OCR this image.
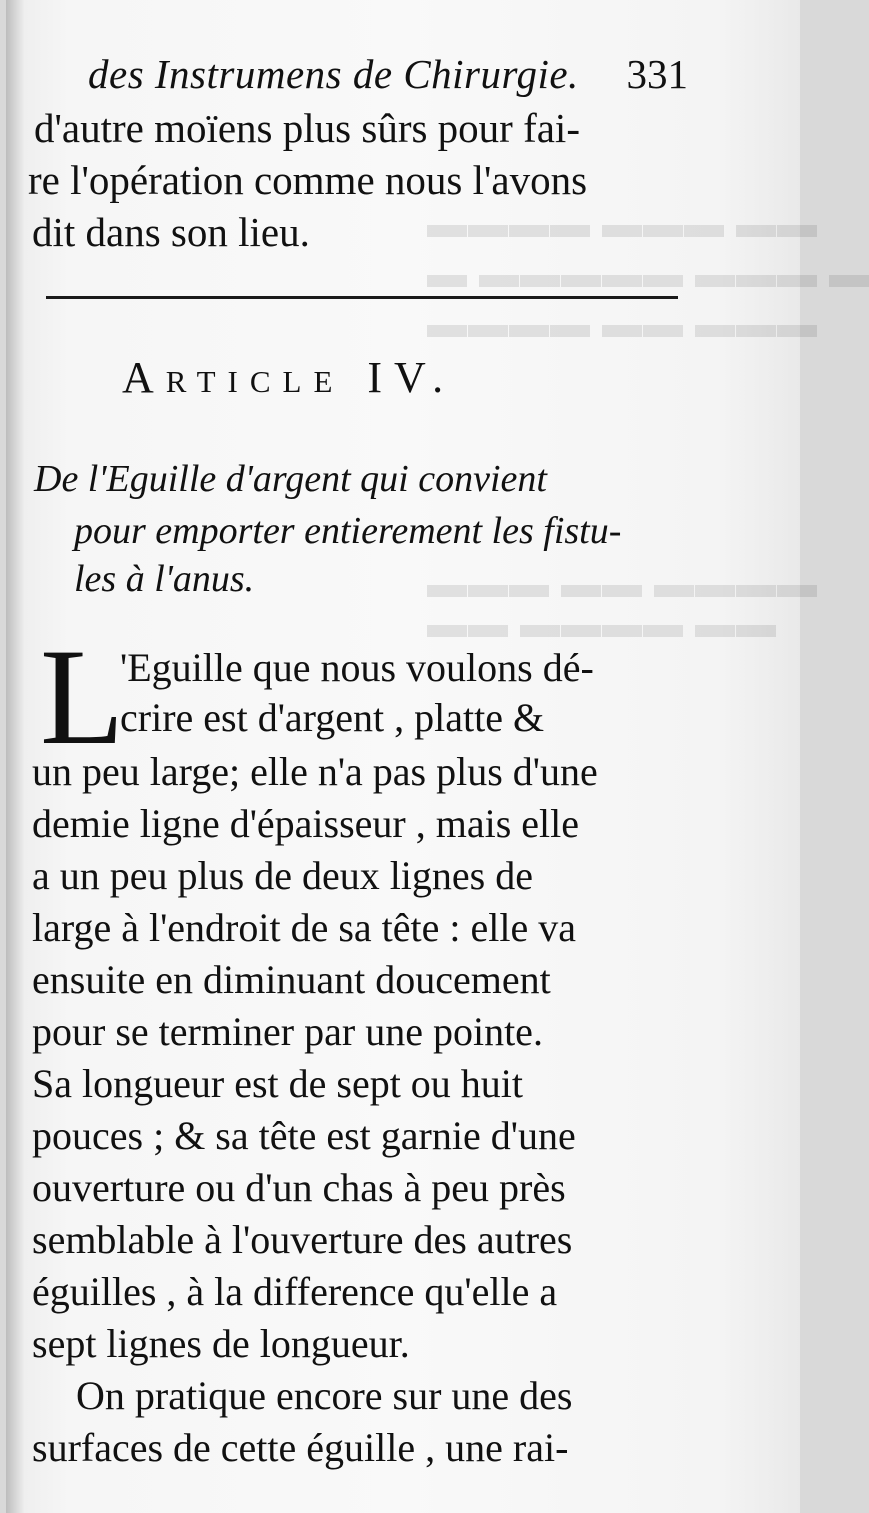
▬▬ ▬▬▬ ▬▬▬▬
▬ ▬▬▬ ▬▬▬▬▬ ▬
▬▬▬ ▬▬ ▬▬▬▬
▬▬▬▬ ▬▬ ▬▬▬
▬▬ ▬▬▬▬ ▬▬
des Instrumens de Chirurgie. 331
d'autre moïens plus sûrs pour fai-
re l'opération comme nous l'avons
dit dans son lieu.
Article IV.
De l'Eguille d'argent qui convient
pour emporter entierement les fistu-
les à l'anus.
L
'Eguille que nous voulons dé-
crire est d'argent , platte &
un peu large; elle n'a pas plus d'une
demie ligne d'épaisseur , mais elle
a un peu plus de deux lignes de
large à l'endroit de sa tête : elle va
ensuite en diminuant doucement
pour se terminer par une pointe.
Sa longueur est de sept ou huit
pouces ; & sa tête est garnie d'une
ouverture ou d'un chas à peu près
semblable à l'ouverture des autres
éguilles , à la difference qu'elle a
sept lignes de longueur.
On pratique encore sur une des
surfaces de cette éguille , une rai-
